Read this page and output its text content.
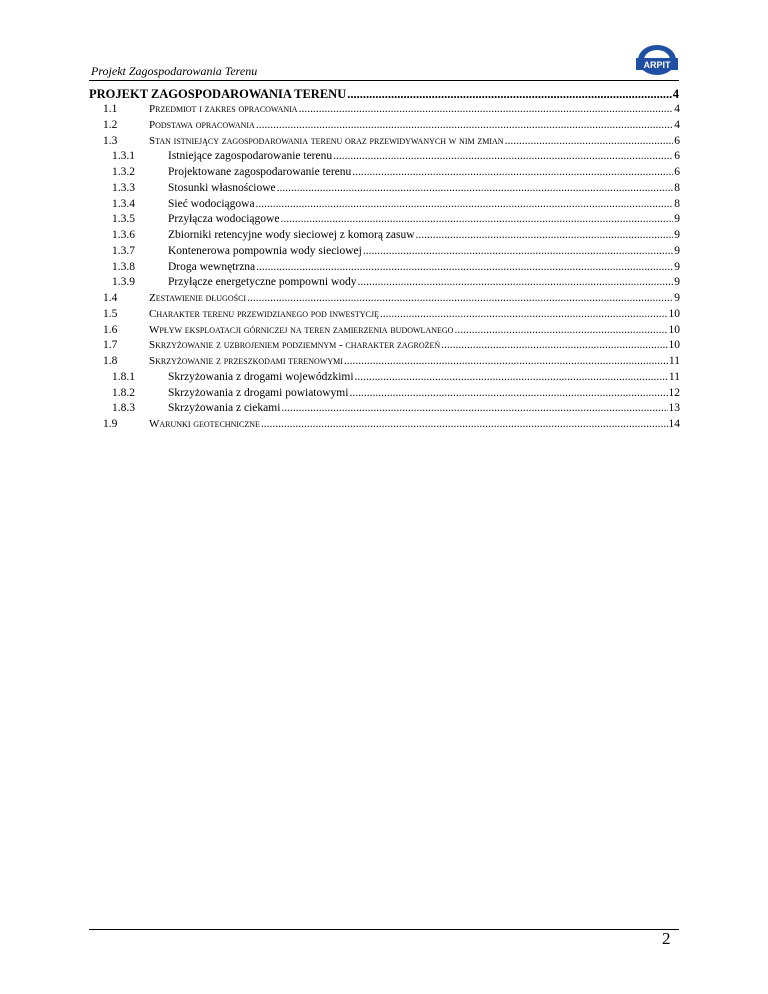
Projekt Zagospodarowania Terenu	ARPIT
PROJEKT ZAGOSPODAROWANIA TERENU .....	4
1.1	Przedmiot i zakres opracowania .....	4
1.2	Podstawa opracowania .....	4
1.3	Stan istniejący zagospodarowania terenu oraz przewidywanych w nim zmian .....	6
1.3.1	Istniejące zagospodarowanie terenu .....	6
1.3.2	Projektowane zagospodarowanie terenu .....	6
1.3.3	Stosunki własnościowe .....	8
1.3.4	Sieć wodociągowa .....	8
1.3.5	Przyłącza wodociągowe .....	9
1.3.6	Zbiorniki retencyjne wody sieciowej z komorą zasuw .....	9
1.3.7	Kontenerowa pompownia wody sieciowej .....	9
1.3.8	Droga wewnętrzna .....	9
1.3.9	Przyłącze energetyczne pompowni wody .....	9
1.4	Zestawienie długości .....	9
1.5	Charakter terenu przewidzianego pod inwestycję .....	10
1.6	Wpływ eksploatacji górniczej na teren zamierzenia budowlanego .....	10
1.7	Skrzyżowanie z uzbrojeniem podziemnym - charakter zagrożeń .....	10
1.8	Skrzyżowanie z przeszkodami terenowymi .....	11
1.8.1	Skrzyżowania z drogami wojewódzkimi .....	11
1.8.2	Skrzyżowania z drogami powiatowymi .....	12
1.8.3	Skrzyżowania z ciekami .....	13
1.9	Warunki geotechniczne .....	14
2
